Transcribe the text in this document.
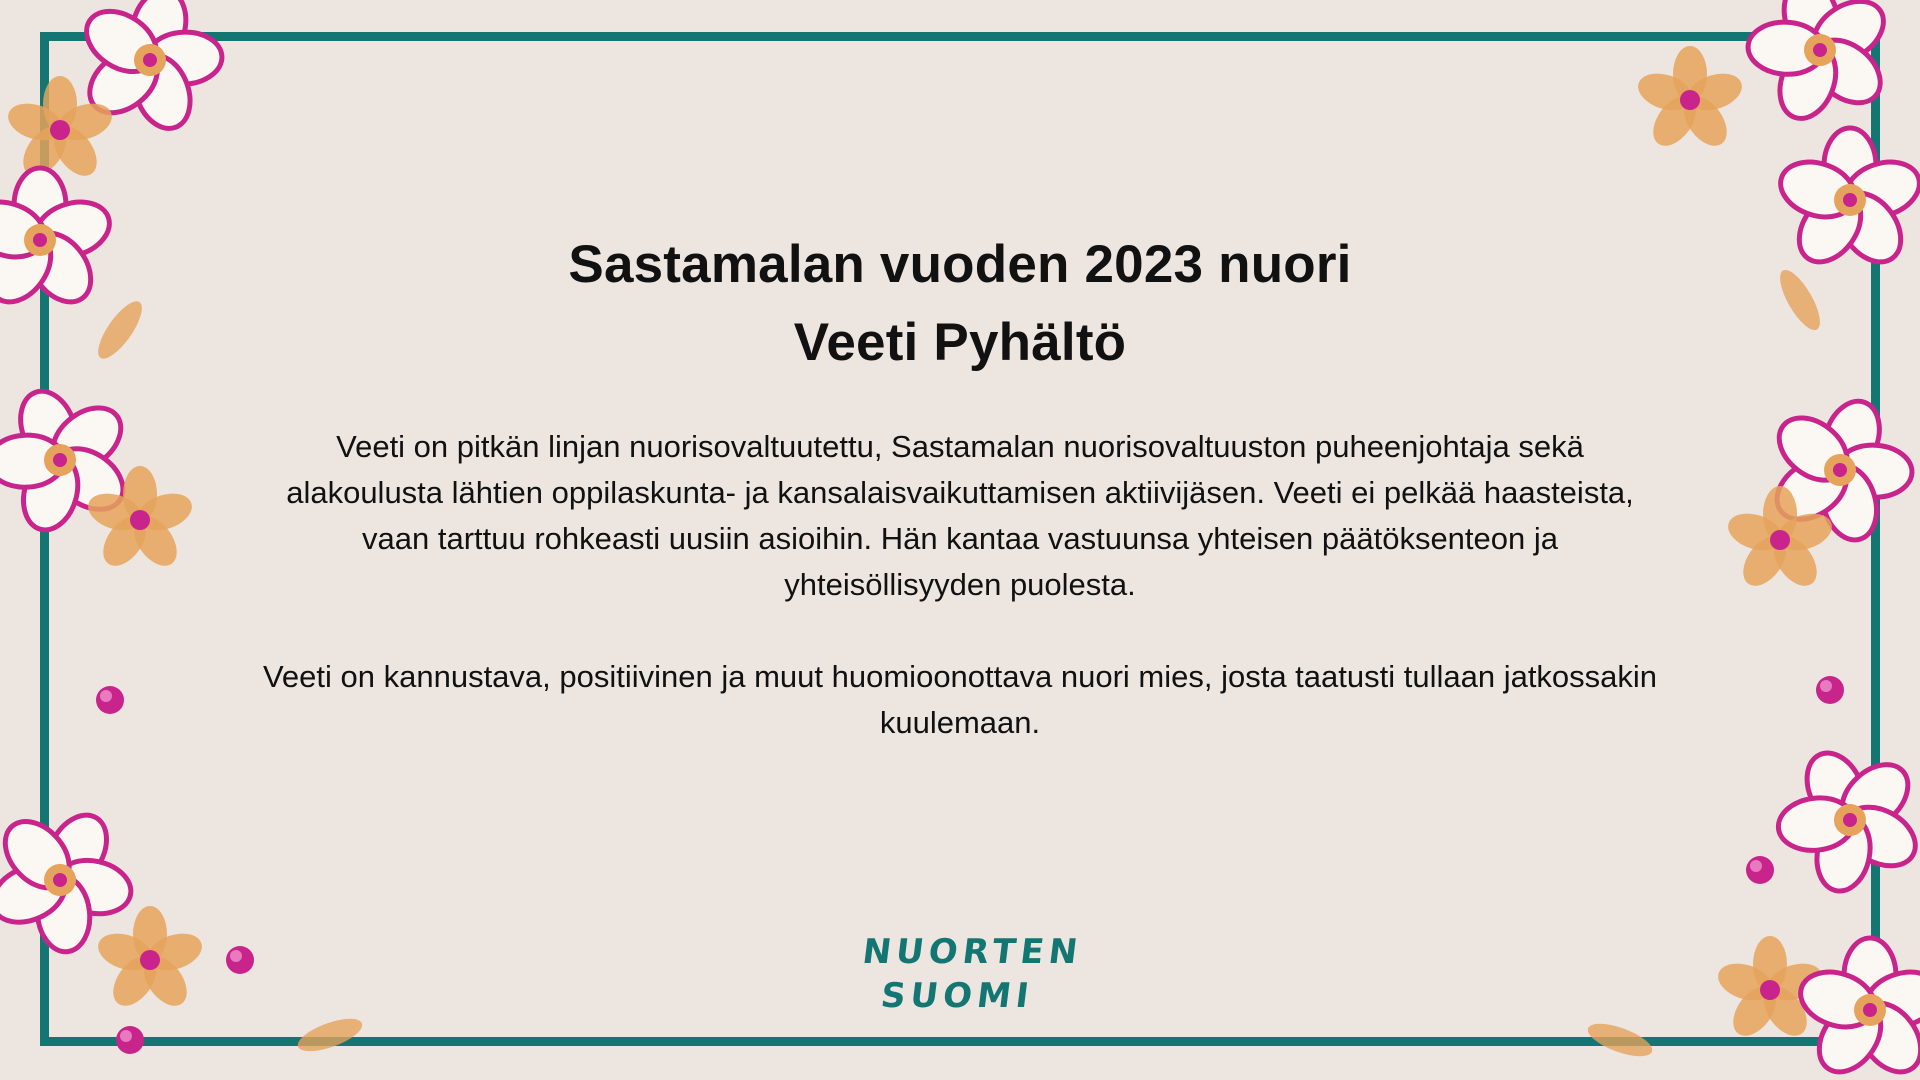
Sastamalan vuoden 2023 nuori
Veeti Pyhältö

Veeti on pitkän linjan nuorisovaltuutettu, Sastamalan nuorisovaltuuston puheenjohtaja sekä alakoulusta lähtien oppilaskunta- ja kansalaisvaikuttamisen aktiivijäsen. Veeti ei pelkää haasteista, vaan tarttuu rohkeasti uusiin asioihin. Hän kantaa vastuunsa yhteisen päätöksenteon ja yhteisöllisyyden puolesta.

Veeti on kannustava, positiivinen ja muut huomioonottava nuori mies, josta taatusti tullaan jatkossakin kuulemaan.

NUORTEN
SUOMI
